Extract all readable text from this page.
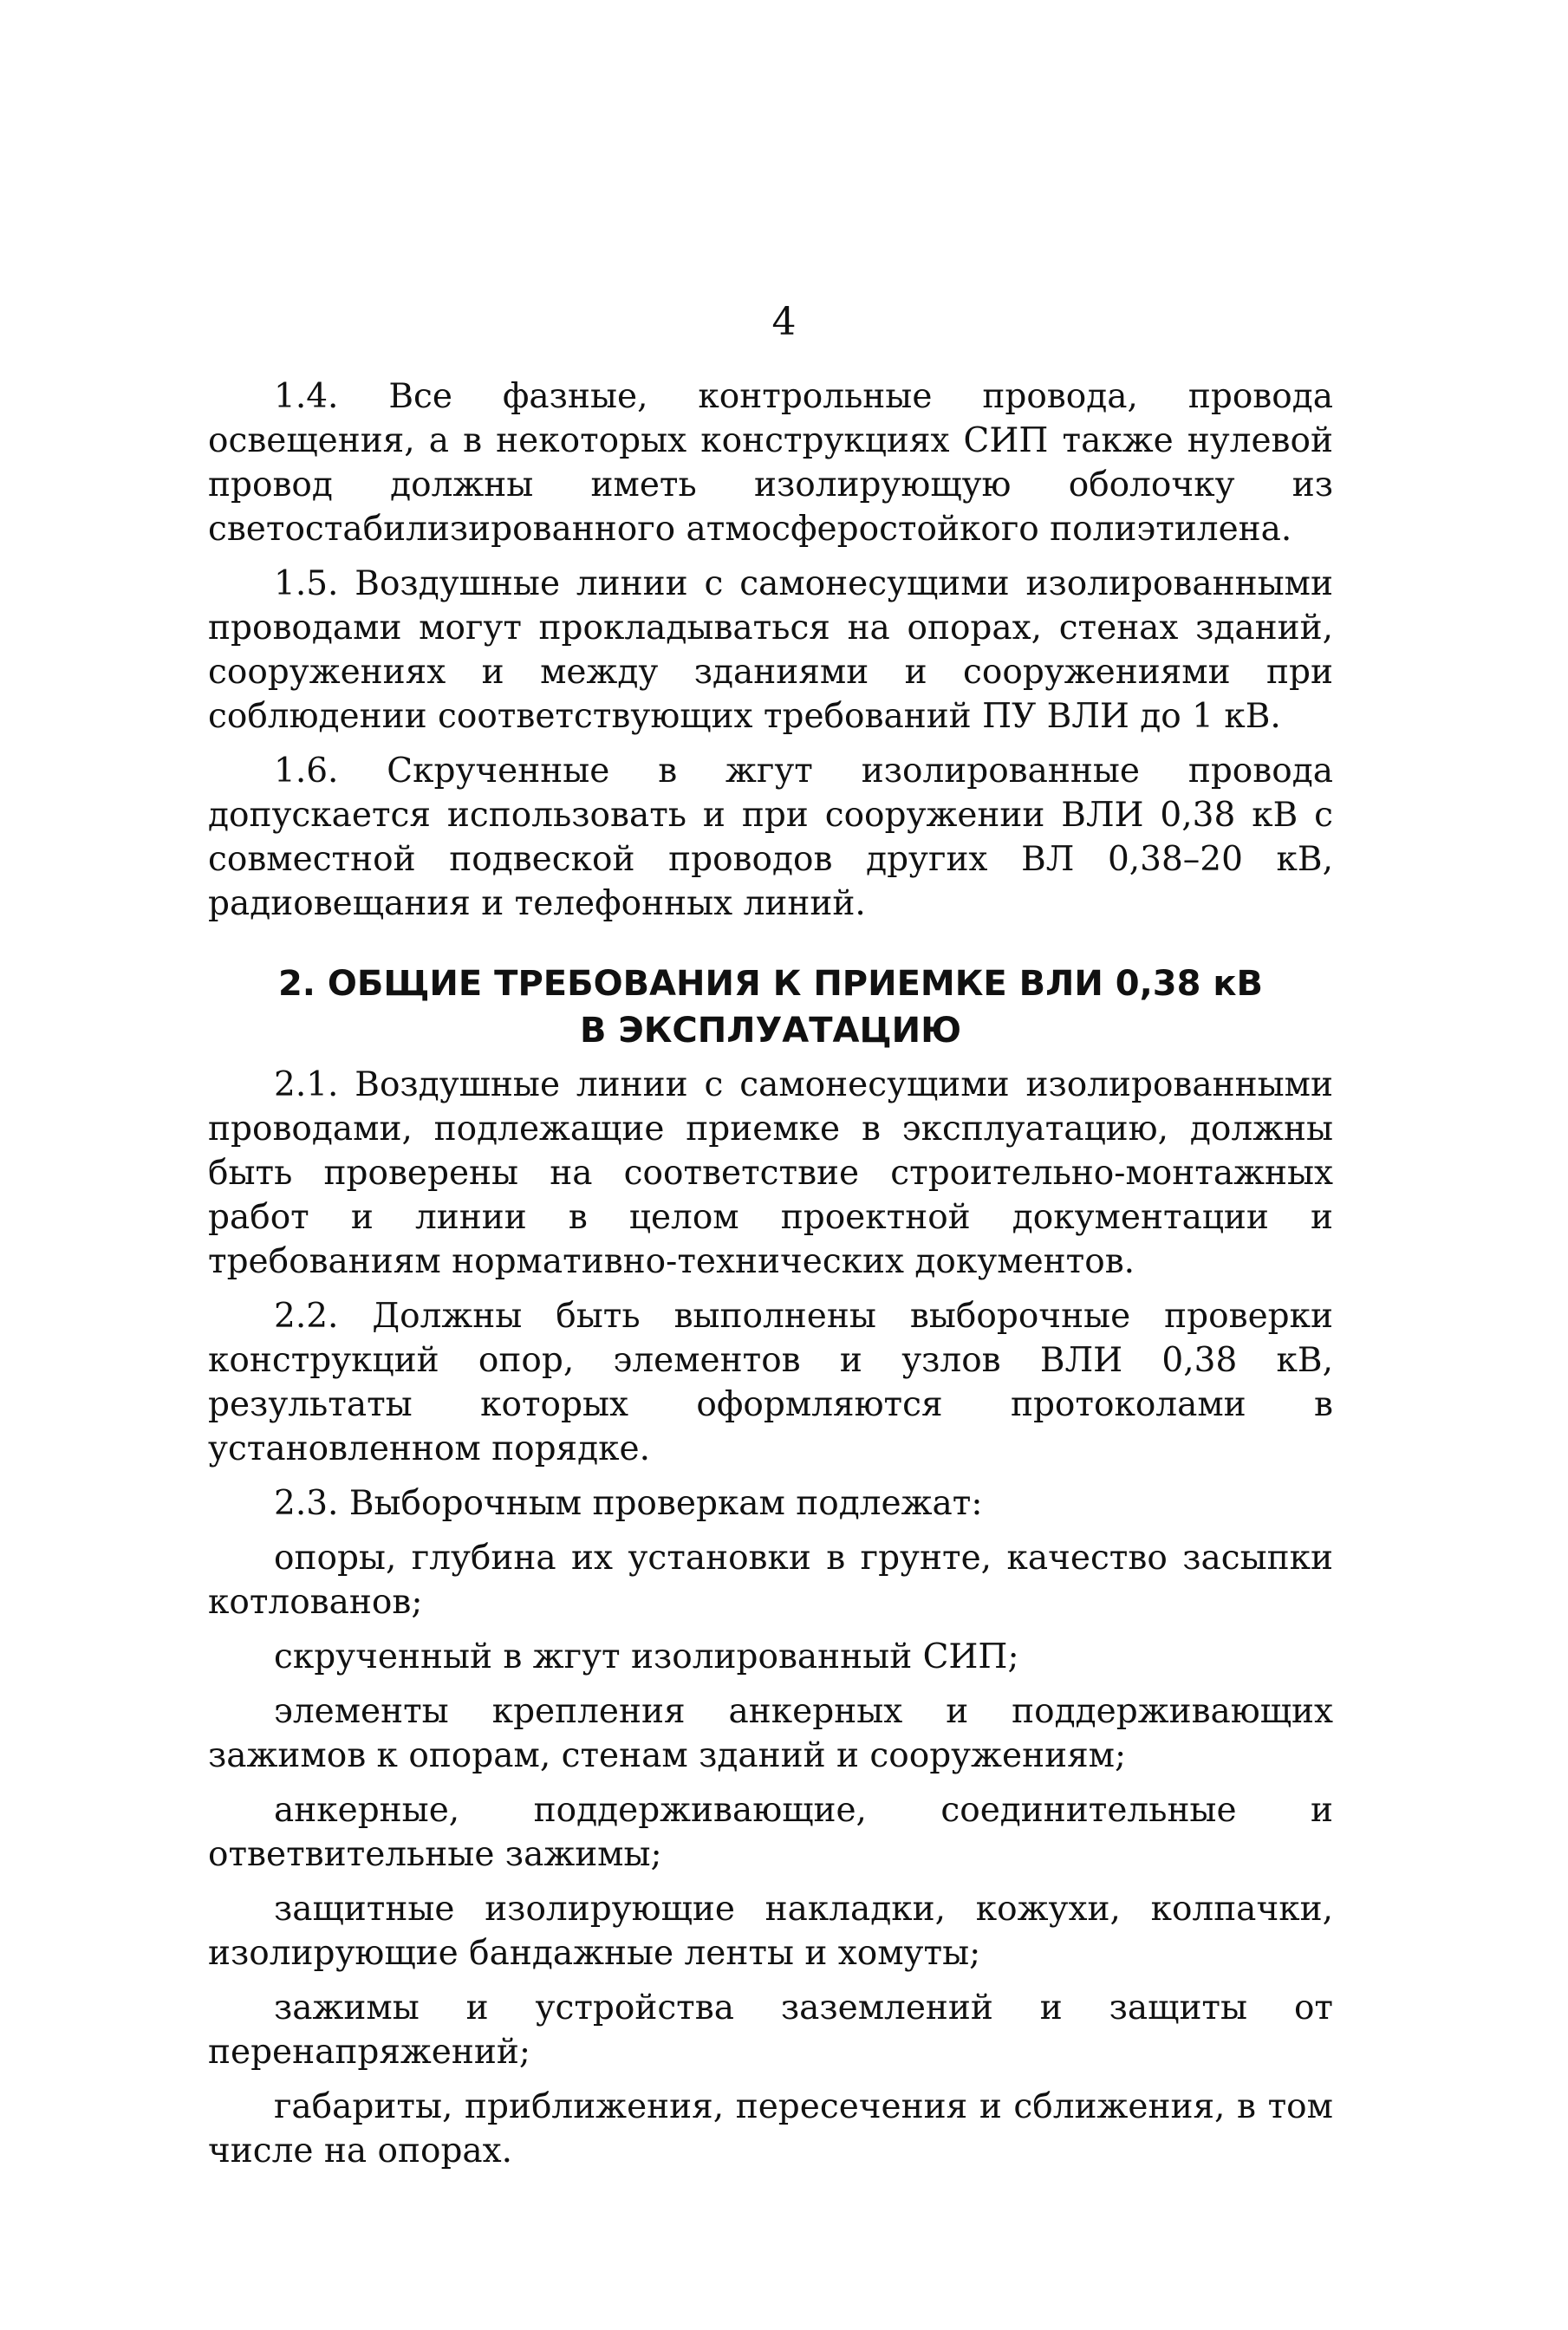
4

1.4. Все фазные, контрольные провода, провода освещения, а в некоторых конструкциях СИП также нулевой провод должны иметь изолирующую оболочку из светостабилизированного атмосферостойкого полиэтилена.

1.5. Воздушные линии с самонесущими изолированными проводами могут прокладываться на опорах, стенах зданий, сооружениях и между зданиями и сооружениями при соблюдении соответствующих требований ПУ ВЛИ до 1 кВ.

1.6. Скрученные в жгут изолированные провода допускается использовать и при сооружении ВЛИ 0,38 кВ с совместной подвеской проводов других ВЛ 0,38–20 кВ, радиовещания и телефонных линий.

2. ОБЩИЕ ТРЕБОВАНИЯ К ПРИЕМКЕ ВЛИ 0,38 кВ
В ЭКСПЛУАТАЦИЮ

2.1. Воздушные линии с самонесущими изолированными проводами, подлежащие приемке в эксплуатацию, должны быть проверены на соответствие строительно-монтажных работ и линии в целом проектной документации и требованиям нормативно-технических документов.

2.2. Должны быть выполнены выборочные проверки конструкций опор, элементов и узлов ВЛИ 0,38 кВ, результаты которых оформляются протоколами в установленном порядке.

2.3. Выборочным проверкам подлежат:

опоры, глубина их установки в грунте, качество засыпки котлованов;

скрученный в жгут изолированный СИП;

элементы крепления анкерных и поддерживающих зажимов к опорам, стенам зданий и сооружениям;

анкерные, поддерживающие, соединительные и ответвительные зажимы;

защитные изолирующие накладки, кожухи, колпачки, изолирующие бандажные ленты и хомуты;

зажимы и устройства заземлений и защиты от перенапряжений;

габариты, приближения, пересечения и сближения, в том числе на опорах.
